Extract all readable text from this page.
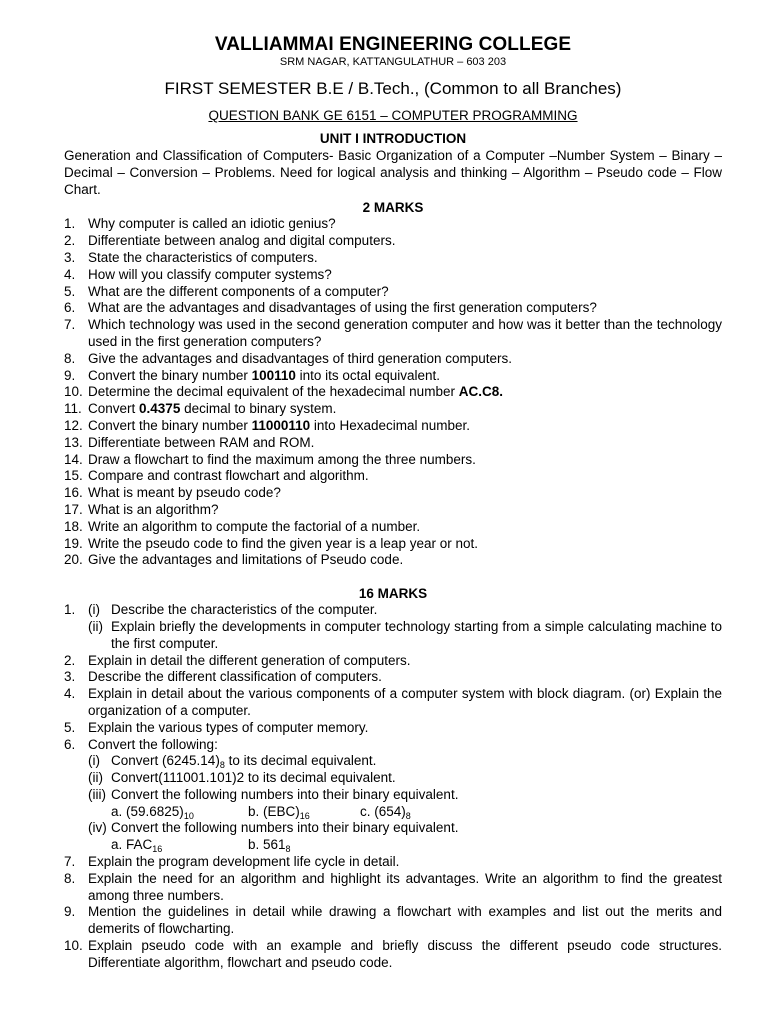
VALLIAMMAI ENGINEERING COLLEGE
SRM NAGAR, KATTANGULATHUR – 603 203
FIRST SEMESTER B.E / B.Tech., (Common to all Branches)
QUESTION BANK GE 6151 – COMPUTER PROGRAMMING
UNIT I INTRODUCTION
Generation and Classification of Computers- Basic Organization of a Computer –Number System – Binary – Decimal – Conversion – Problems. Need for logical analysis and thinking – Algorithm – Pseudo code – Flow Chart.
2 MARKS
1. Why computer is called an idiotic genius?
2. Differentiate between analog and digital computers.
3. State the characteristics of computers.
4. How will you classify computer systems?
5. What are the different components of a computer?
6. What are the advantages and disadvantages of using the first generation computers?
7. Which technology was used in the second generation computer and how was it better than the technology used in the first generation computers?
8. Give the advantages and disadvantages of third generation computers.
9. Convert the binary number 100110 into its octal equivalent.
10. Determine the decimal equivalent of the hexadecimal number AC.C8.
11. Convert 0.4375 decimal to binary system.
12. Convert the binary number 11000110 into Hexadecimal number.
13. Differentiate between RAM and ROM.
14. Draw a flowchart to find the maximum among the three numbers.
15. Compare and contrast flowchart and algorithm.
16. What is meant by pseudo code?
17. What is an algorithm?
18. Write an algorithm to compute the factorial of a number.
19. Write the pseudo code to find the given year is a leap year or not.
20. Give the advantages and limitations of Pseudo code.
16 MARKS
1. (i) Describe the characteristics of the computer.
(ii) Explain briefly the developments in computer technology starting from a simple calculating machine to the first computer.
2. Explain in detail the different generation of computers.
3. Describe the different classification of computers.
4. Explain in detail about the various components of a computer system with block diagram. (or) Explain the organization of a computer.
5. Explain the various types of computer memory.
6. Convert the following:
(i) Convert $(6245.14)_8$ to its decimal equivalent.
(ii) Convert(111001.101)2 to its decimal equivalent.
(iii) Convert the following numbers into their binary equivalent.
a. $(59.6825)_{10}$	b. $(EBC)_{16}$	c. $(654)_8$
(iv) Convert the following numbers into their binary equivalent.
a. $FAC_{16}$	b. $561_8$
7. Explain the program development life cycle in detail.
8. Explain the need for an algorithm and highlight its advantages. Write an algorithm to find the greatest among three numbers.
9. Mention the guidelines in detail while drawing a flowchart with examples and list out the merits and demerits of flowcharting.
10. Explain pseudo code with an example and briefly discuss the different pseudo code structures. Differentiate algorithm, flowchart and pseudo code.
